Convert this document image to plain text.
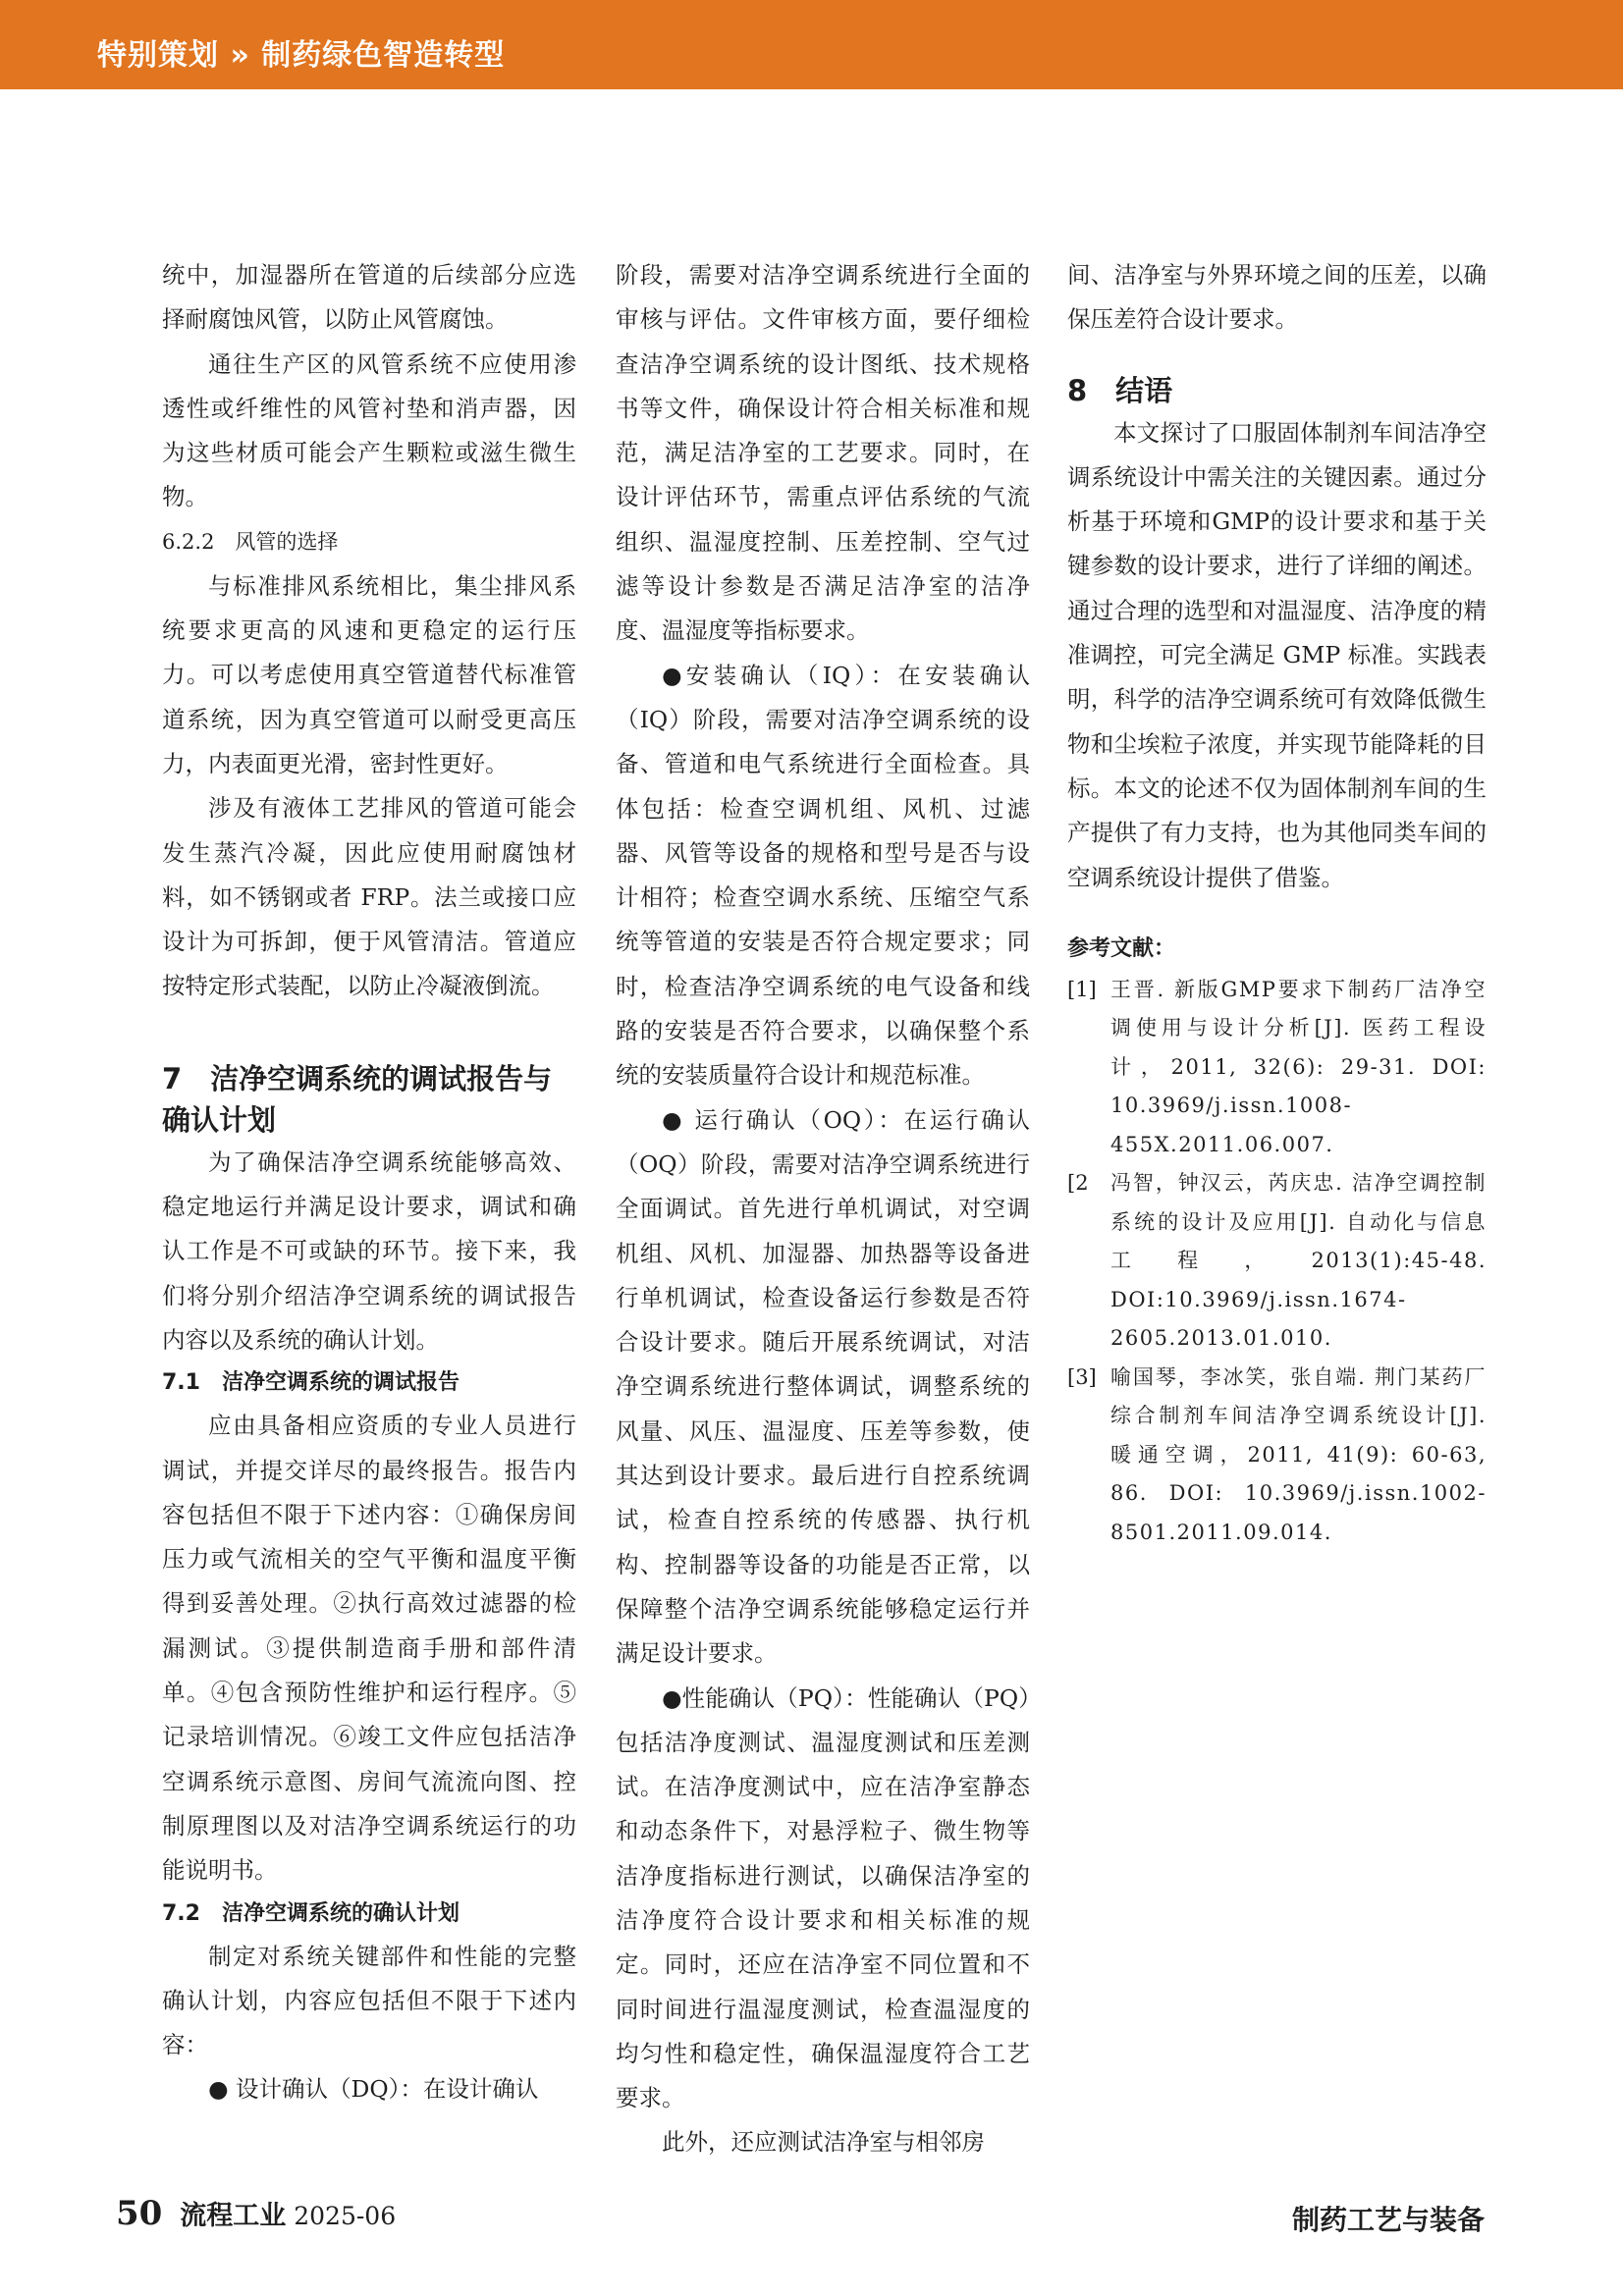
特别策划 » 制药绿色智造转型

统中，加湿器所在管道的后续部分应选择耐腐蚀风管，以防止风管腐蚀。

通往生产区的风管系统不应使用渗透性或纤维性的风管衬垫和消声器，因为这些材质可能会产生颗粒或滋生微生物。

6.2.2　风管的选择

与标准排风系统相比，集尘排风系统要求更高的风速和更稳定的运行压力。可以考虑使用真空管道替代标准管道系统，因为真空管道可以耐受更高压力，内表面更光滑，密封性更好。

涉及有液体工艺排风的管道可能会发生蒸汽冷凝，因此应使用耐腐蚀材料，如不锈钢或者 FRP。法兰或接口应设计为可拆卸，便于风管清洁。管道应按特定形式装配，以防止冷凝液倒流。

7　洁净空调系统的调试报告与
确认计划

为了确保洁净空调系统能够高效、稳定地运行并满足设计要求，调试和确认工作是不可或缺的环节。接下来，我们将分别介绍洁净空调系统的调试报告内容以及系统的确认计划。

7.1　洁净空调系统的调试报告

应由具备相应资质的专业人员进行调试，并提交详尽的最终报告。报告内容包括但不限于下述内容：①确保房间压力或气流相关的空气平衡和温度平衡得到妥善处理。②执行高效过滤器的检漏测试。③提供制造商手册和部件清单。④包含预防性维护和运行程序。⑤记录培训情况。⑥竣工文件应包括洁净空调系统示意图、房间气流流向图、控制原理图以及对洁净空调系统运行的功能说明书。

7.2　洁净空调系统的确认计划

制定对系统关键部件和性能的完整确认计划，内容应包括但不限于下述内容：

● 设计确认（DQ）：在设计确认

阶段，需要对洁净空调系统进行全面的审核与评估。文件审核方面，要仔细检查洁净空调系统的设计图纸、技术规格书等文件，确保设计符合相关标准和规范，满足洁净室的工艺要求。同时，在设计评估环节，需重点评估系统的气流组织、温湿度控制、压差控制、空气过滤等设计参数是否满足洁净室的洁净度、温湿度等指标要求。

●安装确认（IQ）：在安装确认（IQ）阶段，需要对洁净空调系统的设备、管道和电气系统进行全面检查。具体包括：检查空调机组、风机、过滤器、风管等设备的规格和型号是否与设计相符；检查空调水系统、压缩空气系统等管道的安装是否符合规定要求；同时，检查洁净空调系统的电气设备和线路的安装是否符合要求，以确保整个系统的安装质量符合设计和规范标准。

● 运行确认（OQ）：在运行确认（OQ）阶段，需要对洁净空调系统进行全面调试。首先进行单机调试，对空调机组、风机、加湿器、加热器等设备进行单机调试，检查设备运行参数是否符合设计要求。随后开展系统调试，对洁净空调系统进行整体调试，调整系统的风量、风压、温湿度、压差等参数，使其达到设计要求。最后进行自控系统调试，检查自控系统的传感器、执行机构、控制器等设备的功能是否正常，以保障整个洁净空调系统能够稳定运行并满足设计要求。

●性能确认（PQ）：性能确认（PQ）包括洁净度测试、温湿度测试和压差测试。在洁净度测试中，应在洁净室静态和动态条件下，对悬浮粒子、微生物等洁净度指标进行测试，以确保洁净室的洁净度符合设计要求和相关标准的规定。同时，还应在洁净室不同位置和不同时间进行温湿度测试，检查温湿度的均匀性和稳定性，确保温湿度符合工艺要求。

此外，还应测试洁净室与相邻房

间、洁净室与外界环境之间的压差，以确保压差符合设计要求。

8　结语

本文探讨了口服固体制剂车间洁净空调系统设计中需关注的关键因素。通过分析基于环境和GMP的设计要求和基于关键参数的设计要求，进行了详细的阐述。通过合理的选型和对温湿度、洁净度的精准调控，可完全满足 GMP 标准。实践表明，科学的洁净空调系统可有效降低微生物和尘埃粒子浓度，并实现节能降耗的目标。本文的论述不仅为固体制剂车间的生产提供了有力支持，也为其他同类车间的空调系统设计提供了借鉴。

参考文献：
[1] 王晋. 新版GMP要求下制药厂洁净空调使用与设计分析[J]. 医药工程设计，2011, 32(6): 29-31. DOI: 10.3969/j.issn.1008-455X.2011.06.007.
[2	冯智，钟汉云，芮庆忠. 洁净空调控制系统的设计及应用[J]. 自动化与信息工程，2013(1):45-48. DOI:10.3969/j.issn.1674-2605.2013.01.010.
[3] 喻国琴，李冰笑，张自端. 荆门某药厂综合制剂车间洁净空调系统设计[J]. 暖通空调，2011, 41(9): 60-63, 86. DOI: 10.3969/j.issn.1002-8501.2011.09.014.
50 流程工业 2025-06	制药工艺与装备
